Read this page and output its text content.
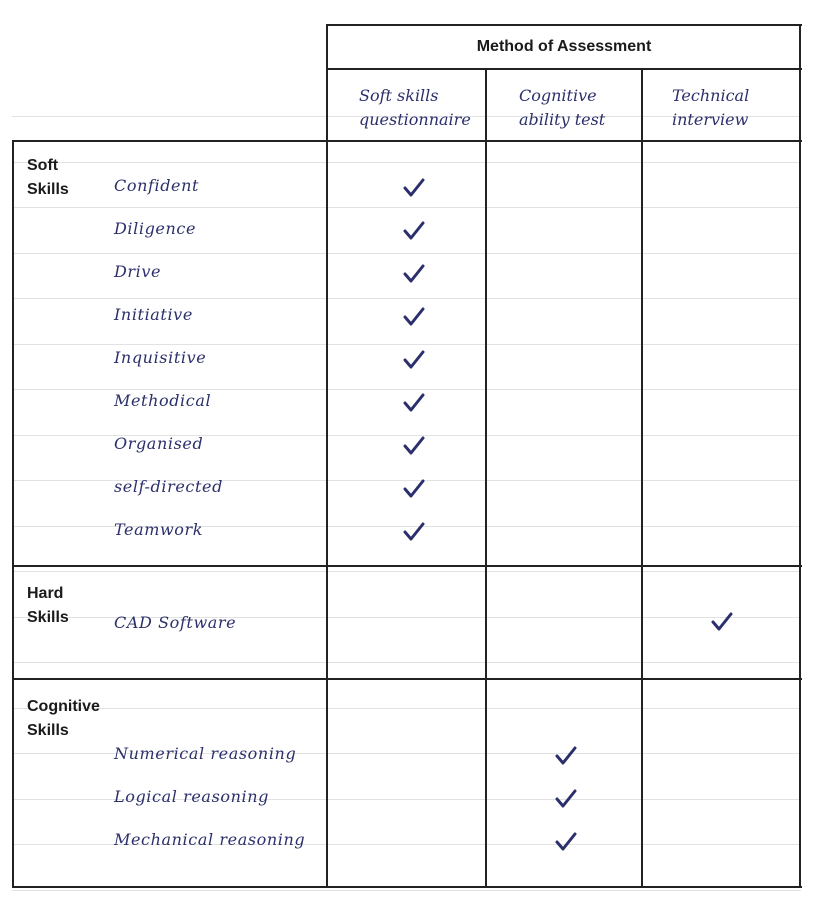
Method of Assessment
Soft skills
questionnaire
Cognitive
ability test
Technical
interview
Soft
Skills
Hard
Skills
Cognitive
Skills
Confident
Diligence
Drive
Initiative
Inquisitive
Methodical
Organised
self-directed
Teamwork
CAD Software
Numerical reasoning
Logical reasoning
Mechanical reasoning
